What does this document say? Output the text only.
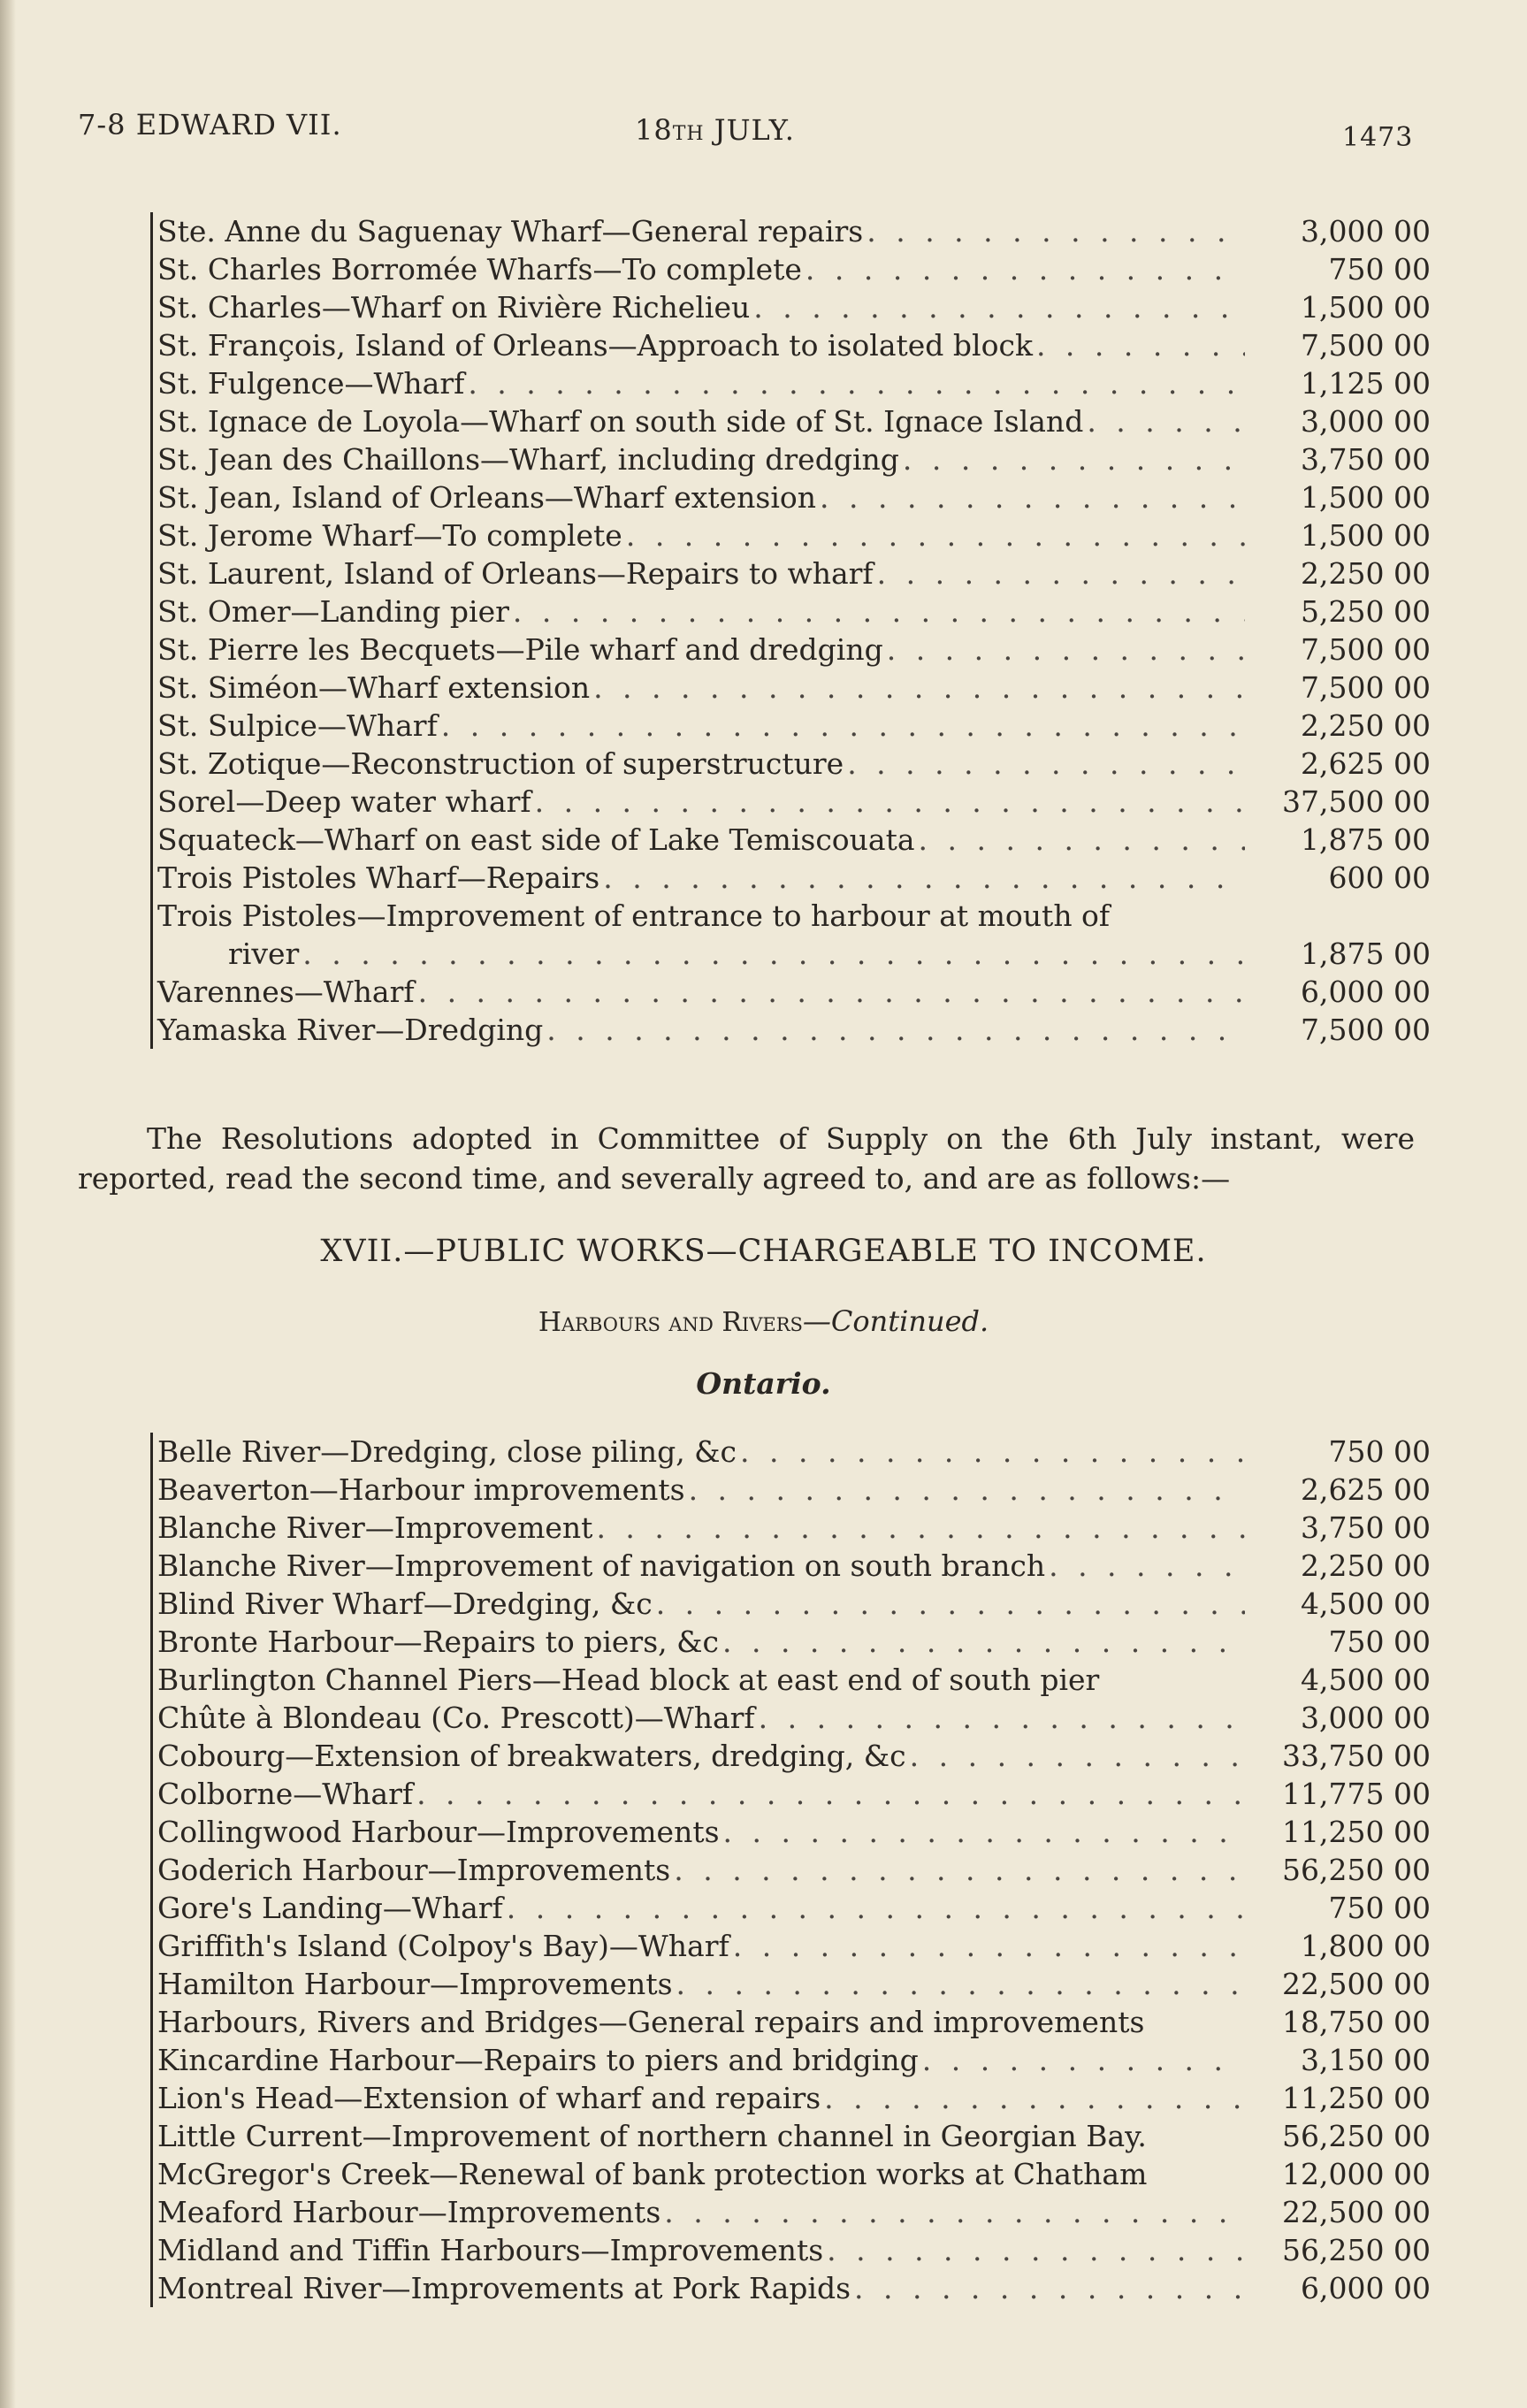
7-8 EDWARD VII.	18TH JULY.	1473
Ste. Anne du Saguenay Wharf—General repairs . . .	3,000 00
St. Charles Borromée Wharfs—To complete . . .	750 00
St. Charles—Wharf on Rivière Richelieu . . .	1,500 00
St. François, Island of Orleans—Approach to isolated block . . .	7,500 00
St. Fulgence—Wharf . . .	1,125 00
St. Ignace de Loyola—Wharf on south side of St. Ignace Island . . .	3,000 00
St. Jean des Chaillons—Wharf, including dredging . . .	3,750 00
St. Jean, Island of Orleans—Wharf extension . . .	1,500 00
St. Jerome Wharf—To complete . . .	1,500 00
St. Laurent, Island of Orleans—Repairs to wharf . . .	2,250 00
St. Omer—Landing pier . . .	5,250 00
St. Pierre les Becquets—Pile wharf and dredging . . .	7,500 00
St. Siméon—Wharf extension . . .	7,500 00
St. Sulpice—Wharf . . .	2,250 00
St. Zotique—Reconstruction of superstructure . . .	2,625 00
Sorel—Deep water wharf . . .	37,500 00
Squateck—Wharf on east side of Lake Temiscouata . . .	1,875 00
Trois Pistoles Wharf—Repairs . . .	600 00
Trois Pistoles—Improvement of entrance to harbour at mouth of
river . . .	1,875 00
Varennes—Wharf . . .	6,000 00
Yamaska River—Dredging . . .	7,500 00
The Resolutions adopted in Committee of Supply on the 6th July instant, were reported, read the second time, and severally agreed to, and are as follows:—
XVII.—PUBLIC WORKS—CHARGEABLE TO INCOME.
Harbours and Rivers—Continued.
Ontario.
Belle River—Dredging, close piling, &c . . .	750 00
Beaverton—Harbour improvements . . .	2,625 00
Blanche River—Improvement . . .	3,750 00
Blanche River—Improvement of navigation on south branch . . .	2,250 00
Blind River Wharf—Dredging, &c . . .	4,500 00
Bronte Harbour—Repairs to piers, &c . . .	750 00
Burlington Channel Piers—Head block at east end of south pier	4,500 00
Chûte à Blondeau (Co. Prescott)—Wharf . . .	3,000 00
Cobourg—Extension of breakwaters, dredging, &c . . .	33,750 00
Colborne—Wharf . . .	11,775 00
Collingwood Harbour—Improvements . . .	11,250 00
Goderich Harbour—Improvements . . .	56,250 00
Gore's Landing—Wharf . . .	750 00
Griffith's Island (Colpoy's Bay)—Wharf . . .	1,800 00
Hamilton Harbour—Improvements . . .	22,500 00
Harbours, Rivers and Bridges—General repairs and improvements	18,750 00
Kincardine Harbour—Repairs to piers and bridging . . .	3,150 00
Lion's Head—Extension of wharf and repairs . . .	11,250 00
Little Current—Improvement of northern channel in Georgian Bay.	56,250 00
McGregor's Creek—Renewal of bank protection works at Chatham	12,000 00
Meaford Harbour—Improvements . . .	22,500 00
Midland and Tiffin Harbours—Improvements . . .	56,250 00
Montreal River—Improvements at Pork Rapids . . .	6,000 00
